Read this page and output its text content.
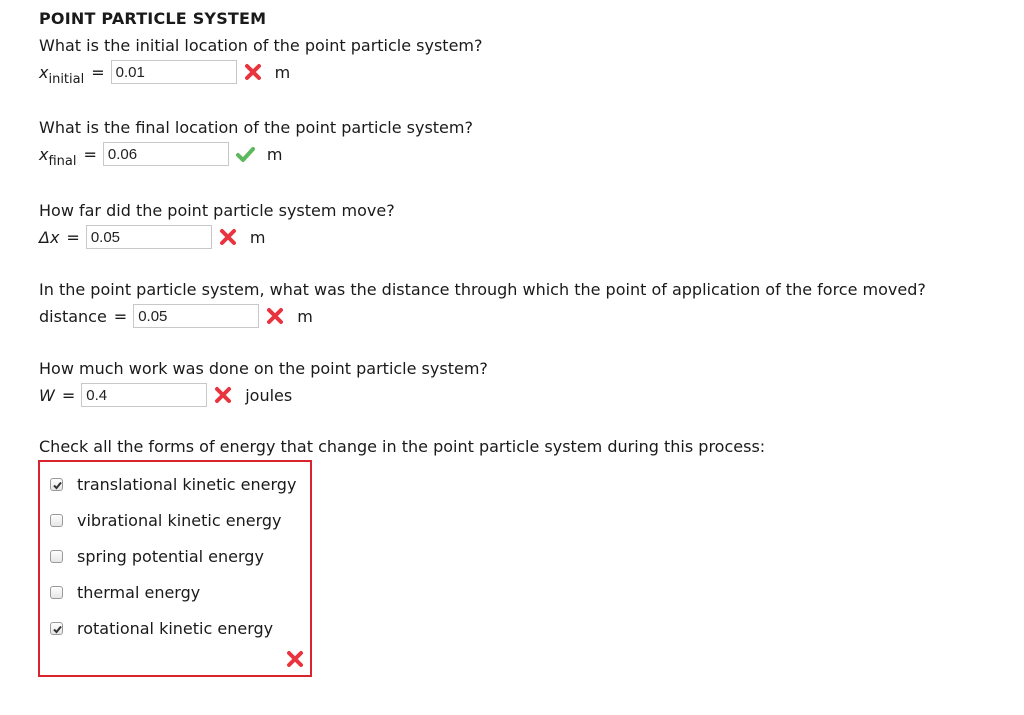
POINT PARTICLE SYSTEM
What is the initial location of the point particle system?
$x_{initial}$ =
0.01	m
What is the final location of the point particle system?
$x_{final}$ =
0.06	m
How far did the point particle system move?
Δx =
0.05	m
In the point particle system, what was the distance through which the point of application of the force moved?
distance =
0.05	m
How much work was done on the point particle system?
W =
0.4	joules
Check all the forms of energy that change in the point particle system during this process:
translational kinetic energy
vibrational kinetic energy
spring potential energy
thermal energy
rotational kinetic energy
